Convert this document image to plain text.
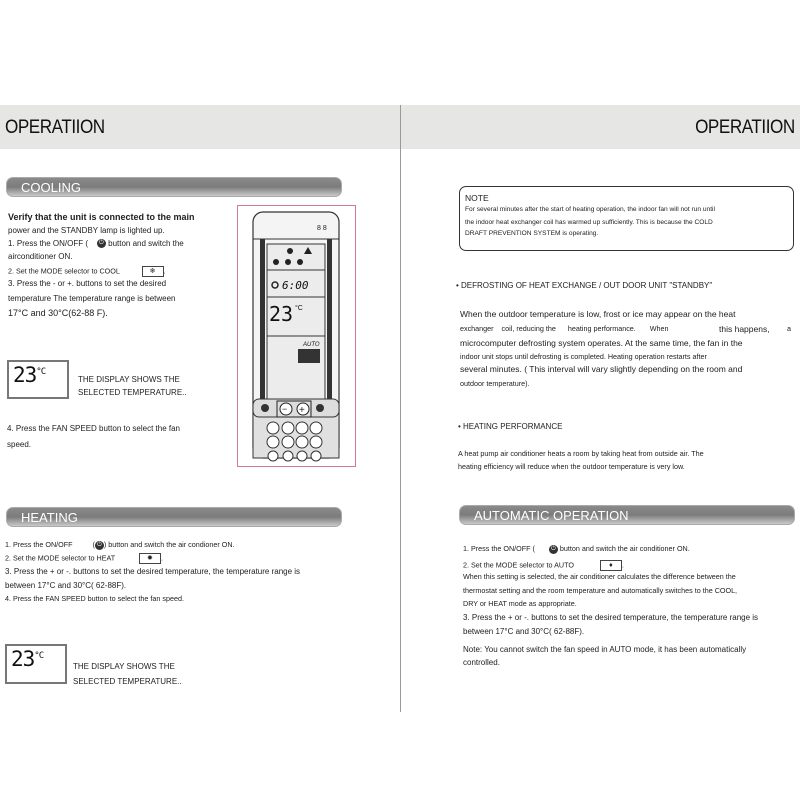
OPERATIION	OPERATIION
COOLING
Verify that the unit is connected to the main
power and the STANDBY lamp is lighted up.
1. Press the ON/OFF ( ⏻ button and switch the
airconditioner ON.
2. Set the MODE selector to COOL	❄ .
3. Press the - or +. buttons to set the desired
temperature The temperature range is between
17°C and 30°C(62-88 F).
$23^{^\circ C}$
THE DISPLAY SHOWS THE
SELECTED TEMPERATURE..
4. Press the FAN SPEED button to select the fan
speed.
8 8
6:00
23 °C
AUTO
− +
HEATING
1. Press the ON/OFF          ( ⏻ ) button and switch the air condioner ON.
2. Set the MODE selector to HEAT	✹ .
3. Press the + or -. buttons to set the desired temperature, the temperature range is
between 17°C and 30°C( 62-88F).
4. Press the FAN SPEED button to select the fan speed.
$23^{^\circ C}$
THE DISPLAY SHOWS THE
SELECTED TEMPERATURE..
NOTE
For several minutes after the start of heating operation, the indoor fan will not run until
the indoor heat exchanger coil has warmed up sufficiently. This is because the COLD
DRAFT PREVENTION SYSTEM is operating.
• DEFROSTING OF HEAT EXCHANGE / OUT DOOR UNIT "STANDBY"
When the outdoor temperature is low, frost or ice may appear on the heat
exchanger    coil, reducing the      heating performance.       When	this happens, a
microcomputer defrosting system operates. At the same time, the fan in the
indoor unit stops until defrosting is completed. Heating operation restarts after
several minutes. ( This interval will vary slightly depending on the room and
outdoor temperature).
• HEATING PERFORMANCE
A heat pump air conditioner heats a room by taking heat from outside air. The
heating efficiency will reduce when the outdoor temperature is very low.
AUTOMATIC OPERATION
1. Press the ON/OFF (	⏻ button and switch the air conditioner ON.
2. Set the MODE selector to AUTO	♦ .
When this setting is selected, the air conditioner calculates the difference between the
thermostat setting and the room temperature and automatically switches to the COOL,
DRY or HEAT mode as appropriate.
3. Press the + or -. buttons to set the desired temperature, the temperature range is
between 17°C and 30°C( 62-88F).
Note: You cannot switch the fan speed in AUTO mode, it has been automatically
controlled.
